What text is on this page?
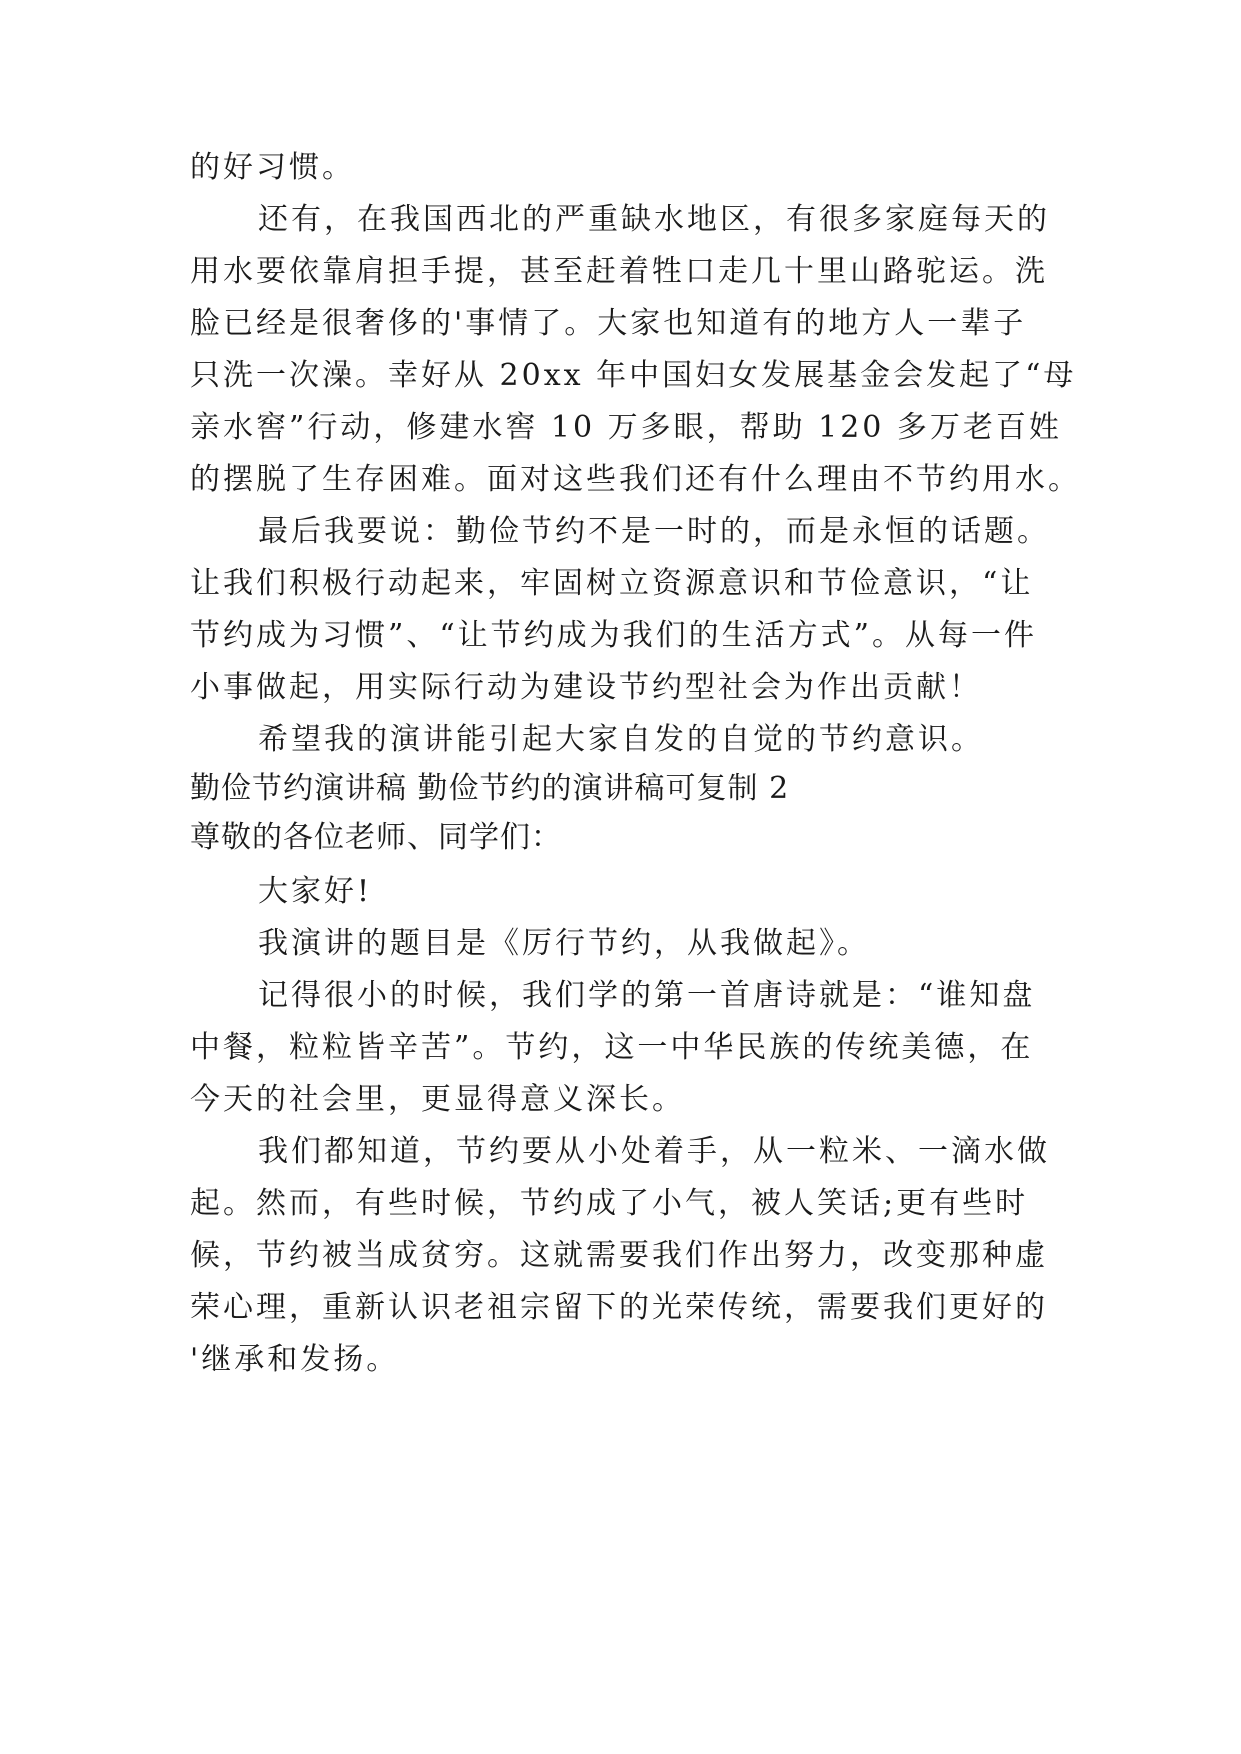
的好习惯。
还有，在我国西北的严重缺水地区，有很多家庭每天的
用水要依靠肩担手提，甚至赶着牲口走几十里山路驼运。洗
脸已经是很奢侈的'事情了。大家也知道有的地方人一辈子
只洗一次澡。幸好从 20xx 年中国妇女发展基金会发起了“母
亲水窖”行动，修建水窖 10 万多眼，帮助 120 多万老百姓
的摆脱了生存困难。面对这些我们还有什么理由不节约用水。
最后我要说：勤俭节约不是一时的，而是永恒的话题。
让我们积极行动起来，牢固树立资源意识和节俭意识，“让
节约成为习惯”、“让节约成为我们的生活方式”。从每一件
小事做起，用实际行动为建设节约型社会为作出贡献！
希望我的演讲能引起大家自发的自觉的节约意识。
勤俭节约演讲稿 勤俭节约的演讲稿可复制 2
尊敬的各位老师、同学们：
大家好!
我演讲的题目是《厉行节约，从我做起》。
记得很小的时候，我们学的第一首唐诗就是：“谁知盘
中餐，粒粒皆辛苦”。节约，这一中华民族的传统美德，在
今天的社会里，更显得意义深长。
我们都知道，节约要从小处着手，从一粒米、一滴水做
起。然而，有些时候，节约成了小气，被人笑话;更有些时
候，节约被当成贫穷。这就需要我们作出努力，改变那种虚
荣心理，重新认识老祖宗留下的光荣传统，需要我们更好的
'继承和发扬。
